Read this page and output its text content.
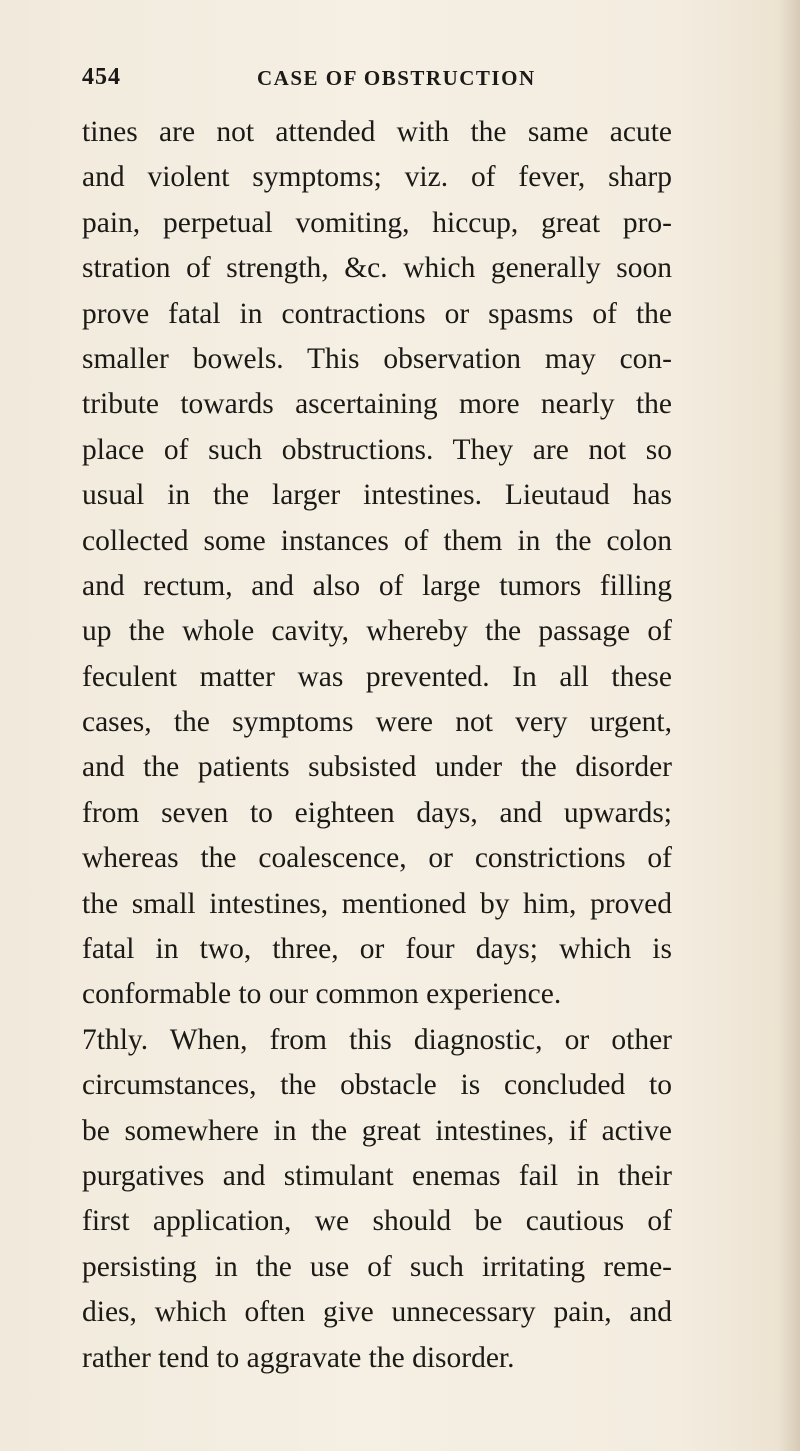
454	CASE OF OBSTRUCTION
tines are not attended with the same acute
and violent symptoms; viz. of fever, sharp
pain, perpetual vomiting, hiccup, great pro-
stration of strength, &c. which generally soon
prove fatal in contractions or spasms of the
smaller bowels. This observation may con-
tribute towards ascertaining more nearly the
place of such obstructions. They are not so
usual in the larger intestines. Lieutaud has
collected some instances of them in the colon
and rectum, and also of large tumors filling
up the whole cavity, whereby the passage of
feculent matter was prevented. In all these
cases, the symptoms were not very urgent,
and the patients subsisted under the disorder
from seven to eighteen days, and upwards;
whereas the coalescence, or constrictions of
the small intestines, mentioned by him, proved
fatal in two, three, or four days; which is
conformable to our common experience.
7thly. When, from this diagnostic, or other
circumstances, the obstacle is concluded to
be somewhere in the great intestines, if active
purgatives and stimulant enemas fail in their
first application, we should be cautious of
persisting in the use of such irritating reme-
dies, which often give unnecessary pain, and
rather tend to aggravate the disorder.
